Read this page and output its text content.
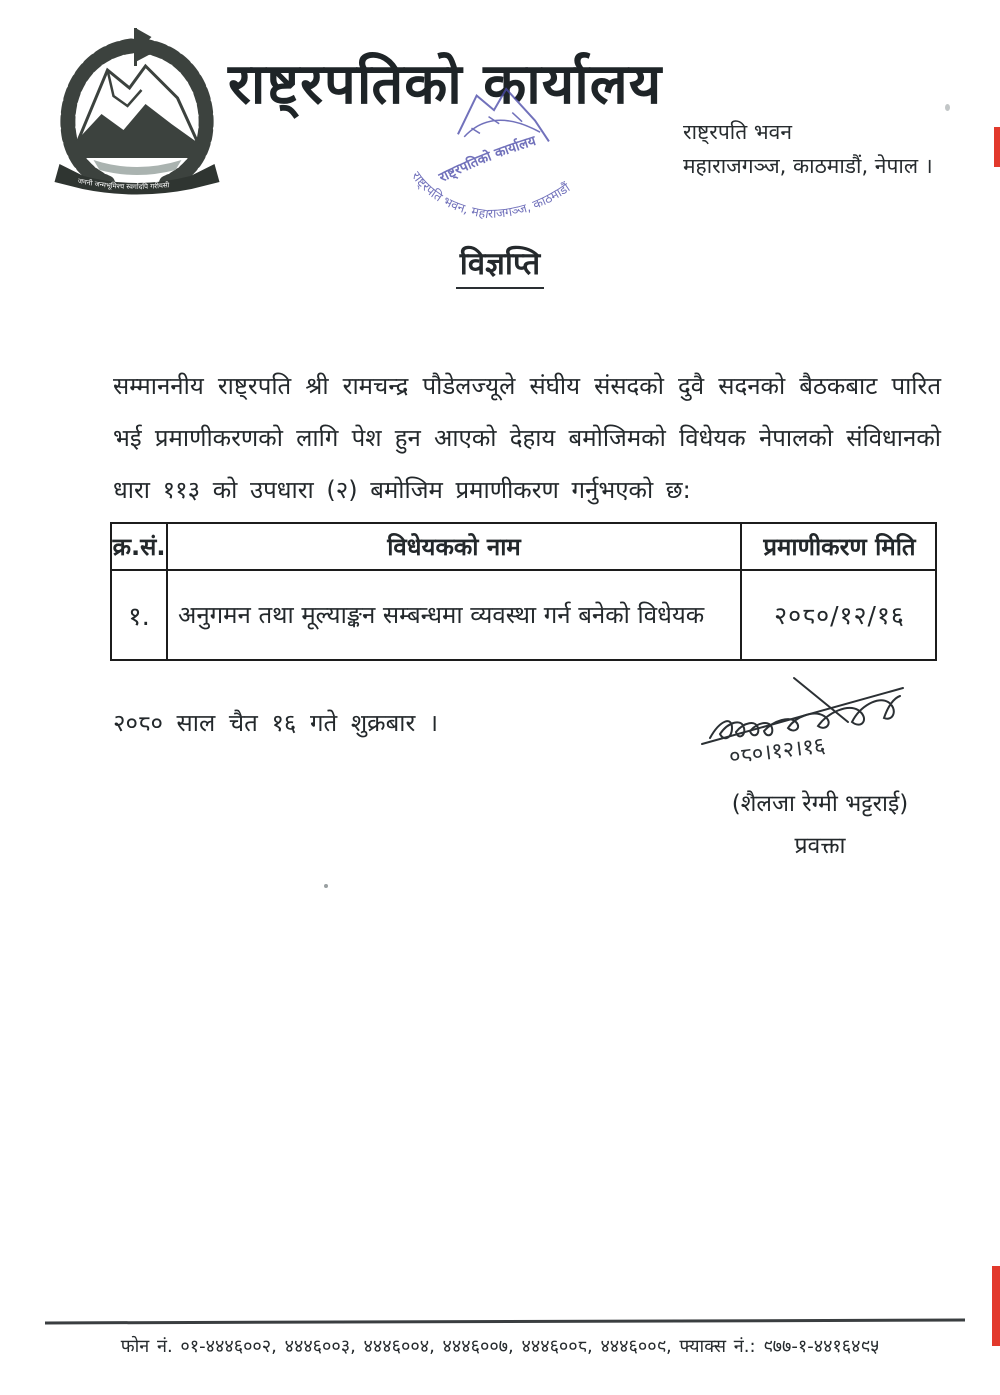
जननी जन्मभूमिश्च स्वर्गादपि गरीयसी
राष्ट्रपतिको कार्यालय
राष्ट्रपतिको कार्यालय
राष्ट्रपति भवन, महाराजगञ्ज, काठमाडौं
राष्ट्रपति भवन
महाराजगञ्ज, काठमाडौं, नेपाल ।
विज्ञप्ति
सम्माननीय राष्ट्रपति श्री रामचन्द्र पौडेलज्यूले संघीय संसदको दुवै सदनको बैठकबाट पारित भई प्रमाणीकरणको लागि पेश हुन आएको देहाय बमोजिमको विधेयक नेपालको संविधानको धारा ११३ को उपधारा (२) बमोजिम प्रमाणीकरण गर्नुभएको छ:
क्र.सं.	विधेयकको नाम	प्रमाणीकरण मिति
१.	अनुगमन तथा मूल्याङ्कन सम्बन्धमा व्यवस्था गर्न बनेको विधेयक	२०८०/१२/१६
२०८० साल चैत १६ गते शुक्रबार ।
०८०।१२।१६
(शैलजा रेग्मी भट्टराई)
प्रवक्ता
फोन नं. ०१-४४४६००२, ४४४६००३, ४४४६००४, ४४४६००७, ४४४६००८, ४४४६००९, फ्याक्स नं.: ९७७-१-४४१६४९५
